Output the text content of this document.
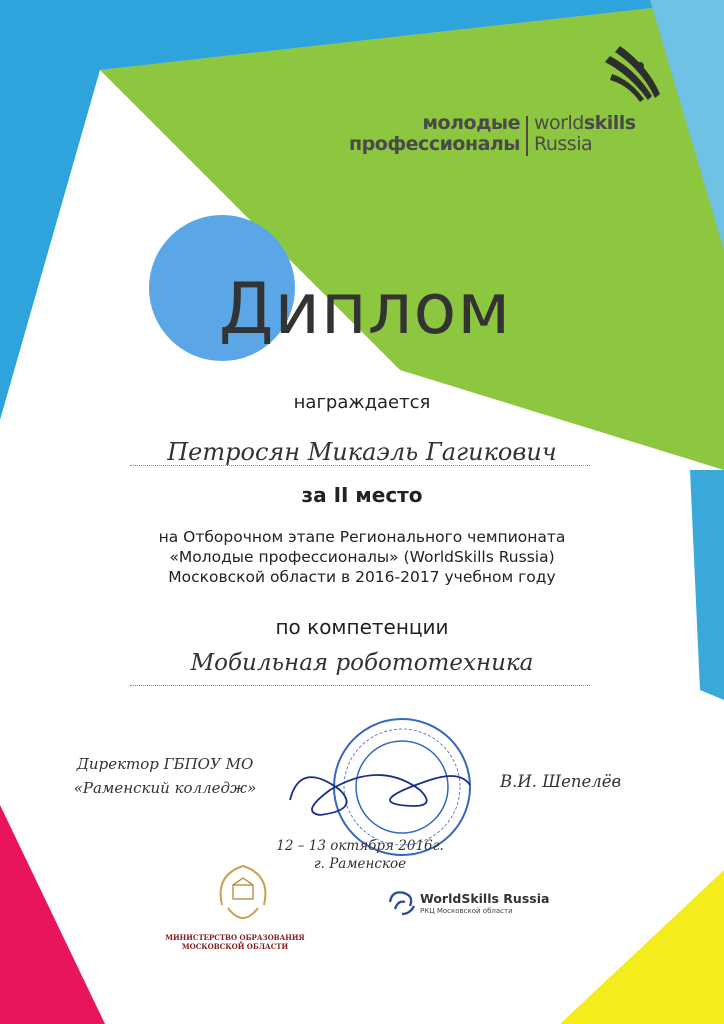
молодые
профессионалы
worldskills
Russia
Диплом
награждается
Петросян Микаэль Гагикович
за II место
на Отборочном этапе Регионального чемпионата
«Молодые профессионалы» (WorldSkills Russia)
Московской области в 2016-2017 учебном году
по компетенции
Мобильная робототехника
Директор ГБПОУ МО
«Раменский колледж»	В.И. Шепелёв
12 – 13 октября 2016г.
г. Раменское
МИНИСТЕРСТВО ОБРАЗОВАНИЯ
МОСКОВСКОЙ ОБЛАСТИ
WorldSkills Russia
РКЦ Московской области
